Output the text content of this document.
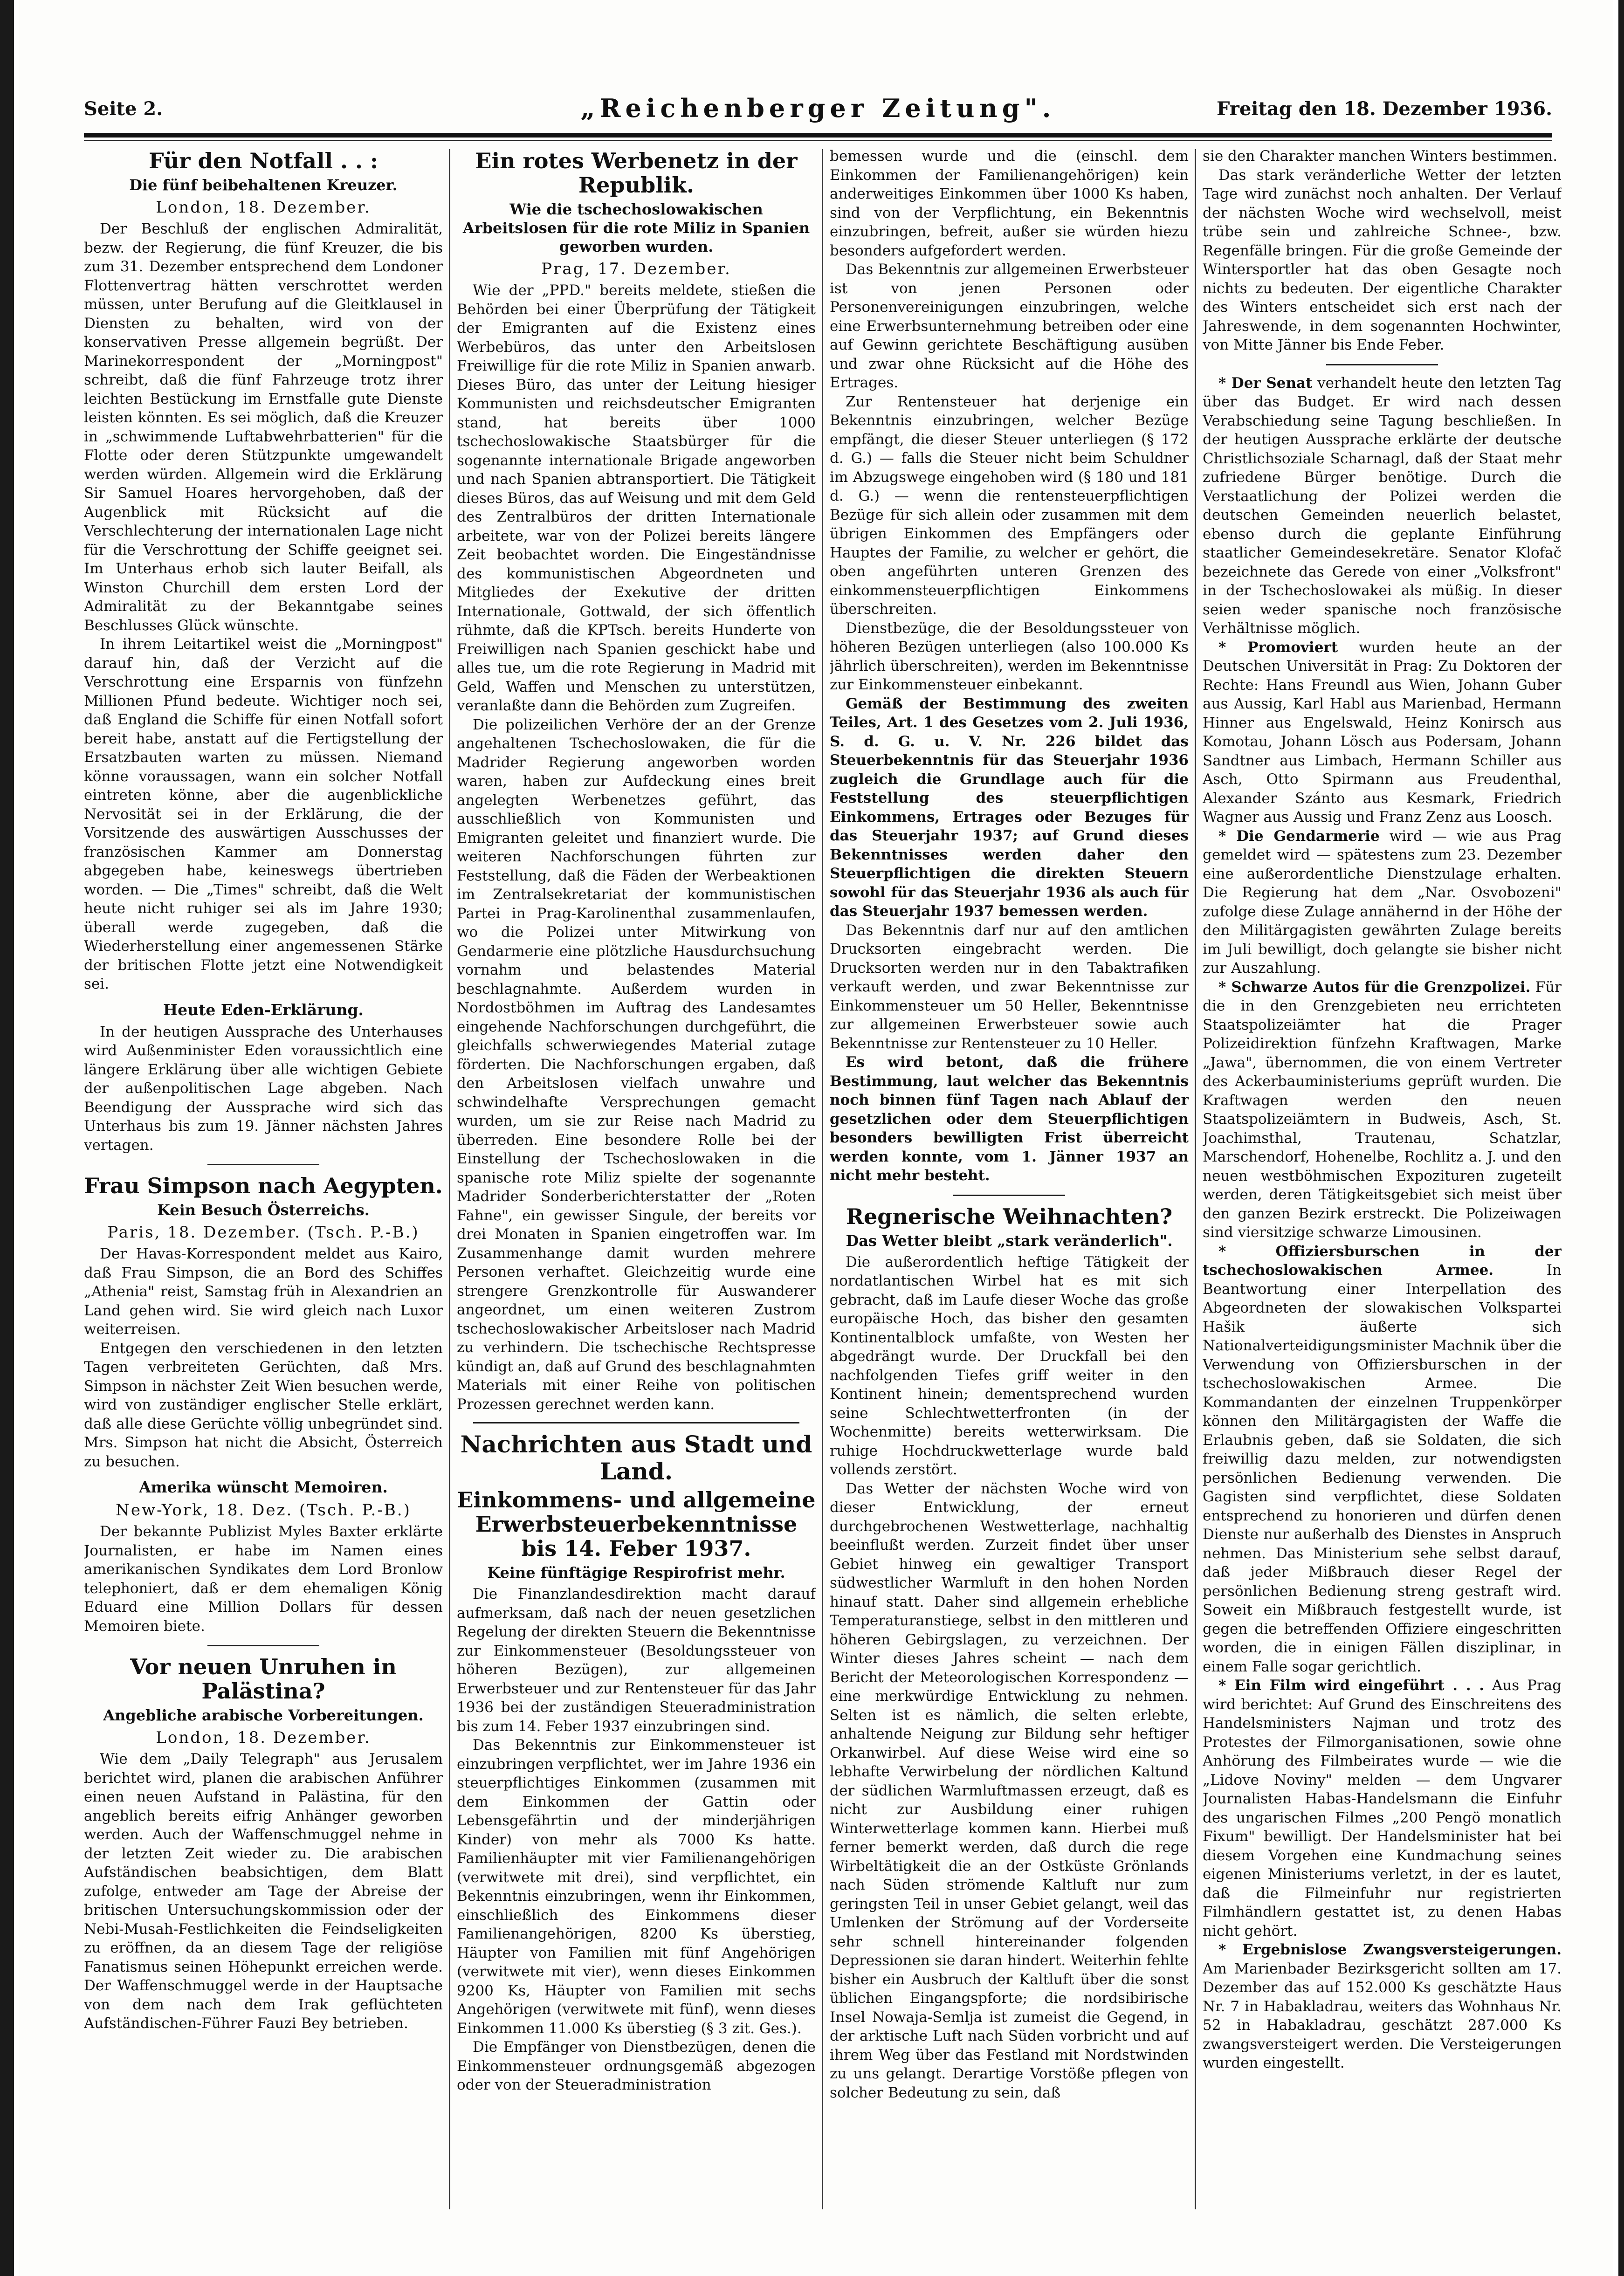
Seite 2.	„Reichenberger Zeitung".	Freitag den 18. Dezember 1936.
Für den Notfall . . :
Die fünf beibehaltenen Kreuzer.
London, 18. Dezember.

Der Beschluß der englischen Admiralität, bezw. der Regierung, die fünf Kreuzer, die bis zum 31. Dezember entsprechend dem Londoner Flottenvertrag hätten verschrottet werden müssen, unter Berufung auf die Gleitklausel in Diensten zu behalten, wird von der konservativen Presse allgemein begrüßt. Der Marinekorrespondent der „Morningpost" schreibt, daß die fünf Fahrzeuge trotz ihrer leichten Bestückung im Ernstfalle gute Dienste leisten könnten. Es sei möglich, daß die Kreuzer in „schwimmende Luftabwehrbatterien" für die Flotte oder deren Stützpunkte umgewandelt werden würden. Allgemein wird die Erklärung Sir Samuel Hoares hervorgehoben, daß der Augenblick mit Rücksicht auf die Verschlechterung der internationalen Lage nicht für die Verschrottung der Schiffe geeignet sei. Im Unterhaus erhob sich lauter Beifall, als Winston Churchill dem ersten Lord der Admiralität zu der Bekanntgabe seines Beschlusses Glück wünschte.

In ihrem Leitartikel weist die „Morningpost" darauf hin, daß der Verzicht auf die Verschrottung eine Ersparnis von fünfzehn Millionen Pfund bedeute. Wichtiger noch sei, daß England die Schiffe für einen Notfall sofort bereit habe, anstatt auf die Fertigstellung der Ersatzbauten warten zu müssen. Niemand könne voraussagen, wann ein solcher Notfall eintreten könne, aber die augenblickliche Nervosität sei in der Erklärung, die der Vorsitzende des auswärtigen Ausschusses der französischen Kammer am Donnerstag abgegeben habe, keineswegs übertrieben worden. — Die „Times" schreibt, daß die Welt heute nicht ruhiger sei als im Jahre 1930; überall werde zugegeben, daß die Wiederherstellung einer angemessenen Stärke der britischen Flotte jetzt eine Notwendigkeit sei.

Heute Eden-Erklärung.

In der heutigen Aussprache des Unterhauses wird Außenminister Eden voraussichtlich eine längere Erklärung über alle wichtigen Gebiete der außenpolitischen Lage abgeben. Nach Beendigung der Aussprache wird sich das Unterhaus bis zum 19. Jänner nächsten Jahres vertagen.

Frau Simpson nach Aegypten.
Kein Besuch Österreichs.
Paris, 18. Dezember. (Tsch. P.-B.)

Der Havas-Korrespondent meldet aus Kairo, daß Frau Simpson, die an Bord des Schiffes „Athenia" reist, Samstag früh in Alexandrien an Land gehen wird. Sie wird gleich nach Luxor weiterreisen.

Entgegen den verschiedenen in den letzten Tagen verbreiteten Gerüchten, daß Mrs. Simpson in nächster Zeit Wien besuchen werde, wird von zuständiger englischer Stelle erklärt, daß alle diese Gerüchte völlig unbegründet sind. Mrs. Simpson hat nicht die Absicht, Österreich zu besuchen.

Amerika wünscht Memoiren.
New-York, 18. Dez. (Tsch. P.-B.)

Der bekannte Publizist Myles Baxter erklärte Journalisten, er habe im Namen eines amerikanischen Syndikates dem Lord Bronlow telephoniert, daß er dem ehemaligen König Eduard eine Million Dollars für dessen Memoiren biete.

Vor neuen Unruhen in Palästina?
Angebliche arabische Vorbereitungen.
London, 18. Dezember.

Wie dem „Daily Telegraph" aus Jerusalem berichtet wird, planen die arabischen Anführer einen neuen Aufstand in Palästina, für den angeblich bereits eifrig Anhänger geworben werden. Auch der Waffenschmuggel nehme in der letzten Zeit wieder zu. Die arabischen Aufständischen beabsichtigen, dem Blatt zufolge, entweder am Tage der Abreise der britischen Untersuchungskommission oder der Nebi-Musah-Festlichkeiten die Feindseligkeiten zu eröffnen, da an diesem Tage der religiöse Fanatismus seinen Höhepunkt erreichen werde. Der Waffenschmuggel werde in der Hauptsache von dem nach dem Irak geflüchteten Aufständischen-Führer Fauzi Bey betrieben.

Ein rotes Werbenetz in der Republik.
Wie die tschechoslowakischen Arbeitslosen für die rote Miliz in Spanien geworben wurden.
Prag, 17. Dezember.

Wie der „PPD." bereits meldete, stießen die Behörden bei einer Überprüfung der Tätigkeit der Emigranten auf die Existenz eines Werbebüros, das unter den Arbeitslosen Freiwillige für die rote Miliz in Spanien anwarb. Dieses Büro, das unter der Leitung hiesiger Kommunisten und reichsdeutscher Emigranten stand, hat bereits über 1000 tschechoslowakische Staatsbürger für die sogenannte internationale Brigade angeworben und nach Spanien abtransportiert. Die Tätigkeit dieses Büros, das auf Weisung und mit dem Geld des Zentralbüros der dritten Internationale arbeitete, war von der Polizei bereits längere Zeit beobachtet worden. Die Eingeständnisse des kommunistischen Abgeordneten und Mitgliedes der Exekutive der dritten Internationale, Gottwald, der sich öffentlich rühmte, daß die KPTsch. bereits Hunderte von Freiwilligen nach Spanien geschickt habe und alles tue, um die rote Regierung in Madrid mit Geld, Waffen und Menschen zu unterstützen, veranlaßte dann die Behörden zum Zugreifen.

Die polizeilichen Verhöre der an der Grenze angehaltenen Tschechoslowaken, die für die Madrider Regierung angeworben worden waren, haben zur Aufdeckung eines breit angelegten Werbenetzes geführt, das ausschließlich von Kommunisten und Emigranten geleitet und finanziert wurde. Die weiteren Nachforschungen führten zur Feststellung, daß die Fäden der Werbeaktionen im Zentralsekretariat der kommunistischen Partei in Prag-Karolinenthal zusammenlaufen, wo die Polizei unter Mitwirkung von Gendarmerie eine plötzliche Hausdurchsuchung vornahm und belastendes Material beschlagnahmte. Außerdem wurden in Nordostböhmen im Auftrag des Landesamtes eingehende Nachforschungen durchgeführt, die gleichfalls schwerwiegendes Material zutage förderten. Die Nachforschungen ergaben, daß den Arbeitslosen vielfach unwahre und schwindelhafte Versprechungen gemacht wurden, um sie zur Reise nach Madrid zu überreden. Eine besondere Rolle bei der Einstellung der Tschechoslowaken in die spanische rote Miliz spielte der sogenannte Madrider Sonderberichterstatter der „Roten Fahne", ein gewisser Singule, der bereits vor drei Monaten in Spanien eingetroffen war. Im Zusammenhange damit wurden mehrere Personen verhaftet. Gleichzeitig wurde eine strengere Grenzkontrolle für Auswanderer angeordnet, um einen weiteren Zustrom tschechoslowakischer Arbeitsloser nach Madrid zu verhindern. Die tschechische Rechtspresse kündigt an, daß auf Grund des beschlagnahmten Materials mit einer Reihe von politischen Prozessen gerechnet werden kann.

Nachrichten aus Stadt und Land.
Einkommens- und allgemeine Erwerbsteuerbekenntnisse bis 14. Feber 1937.
Keine fünftägige Respirofrist mehr.

Die Finanzlandesdirektion macht darauf aufmerksam, daß nach der neuen gesetzlichen Regelung der direkten Steuern die Bekenntnisse zur Einkommensteuer (Besoldungssteuer von höheren Bezügen), zur allgemeinen Erwerbsteuer und zur Rentensteuer für das Jahr 1936 bei der zuständigen Steueradministration bis zum 14. Feber 1937 einzubringen sind.

Das Bekenntnis zur Einkommensteuer ist einzubringen verpflichtet, wer im Jahre 1936 ein steuerpflichtiges Einkommen (zusammen mit dem Einkommen der Gattin oder Lebensgefährtin und der minderjährigen Kinder) von mehr als 7000 Ks hatte. Familienhäupter mit vier Familienangehörigen (verwitwete mit drei), sind verpflichtet, ein Bekenntnis einzubringen, wenn ihr Einkommen, einschließlich des Einkommens dieser Familienangehörigen, 8200 Ks überstieg, Häupter von Familien mit fünf Angehörigen (verwitwete mit vier), wenn dieses Einkommen 9200 Ks, Häupter von Familien mit sechs Angehörigen (verwitwete mit fünf), wenn dieses Einkommen 11.000 Ks überstieg (§ 3 zit. Ges.).

Die Empfänger von Dienstbezügen, denen die Einkommensteuer ordnungsgemäß abgezogen oder von der Steueradministration

bemessen wurde und die (einschl. dem Einkommen der Familienangehörigen) kein anderweitiges Einkommen über 1000 Ks haben, sind von der Verpflichtung, ein Bekenntnis einzubringen, befreit, außer sie würden hiezu besonders aufgefordert werden.

Das Bekenntnis zur allgemeinen Erwerbsteuer ist von jenen Personen oder Personenvereinigungen einzubringen, welche eine Erwerbsunternehmung betreiben oder eine auf Gewinn gerichtete Beschäftigung ausüben und zwar ohne Rücksicht auf die Höhe des Ertrages.

Zur Rentensteuer hat derjenige ein Bekenntnis einzubringen, welcher Bezüge empfängt, die dieser Steuer unterliegen (§ 172 d. G.) — falls die Steuer nicht beim Schuldner im Abzugswege eingehoben wird (§ 180 und 181 d. G.) — wenn die rentensteuerpflichtigen Bezüge für sich allein oder zusammen mit dem übrigen Einkommen des Empfängers oder Hauptes der Familie, zu welcher er gehört, die oben angeführten unteren Grenzen des einkommensteuerpflichtigen Einkommens überschreiten.

Dienstbezüge, die der Besoldungssteuer von höheren Bezügen unterliegen (also 100.000 Ks jährlich überschreiten), werden im Bekenntnisse zur Einkommensteuer einbekannt.

Gemäß der Bestimmung des zweiten Teiles, Art. 1 des Gesetzes vom 2. Juli 1936, S. d. G. u. V. Nr. 226 bildet das Steuerbekenntnis für das Steuerjahr 1936 zugleich die Grundlage auch für die Feststellung des steuerpflichtigen Einkommens, Ertrages oder Bezuges für das Steuerjahr 1937; auf Grund dieses Bekenntnisses werden daher den Steuerpflichtigen die direkten Steuern sowohl für das Steuerjahr 1936 als auch für das Steuerjahr 1937 bemessen werden.

Das Bekenntnis darf nur auf den amtlichen Drucksorten eingebracht werden. Die Drucksorten werden nur in den Tabaktrafiken verkauft werden, und zwar Bekenntnisse zur Einkommensteuer um 50 Heller, Bekenntnisse zur allgemeinen Erwerbsteuer sowie auch Bekenntnisse zur Rentensteuer zu 10 Heller.

Es wird betont, daß die frühere Bestimmung, laut welcher das Bekenntnis noch binnen fünf Tagen nach Ablauf der gesetzlichen oder dem Steuerpflichtigen besonders bewilligten Frist überreicht werden konnte, vom 1. Jänner 1937 an nicht mehr besteht.

Regnerische Weihnachten?
Das Wetter bleibt „stark veränderlich".

Die außerordentlich heftige Tätigkeit der nordatlantischen Wirbel hat es mit sich gebracht, daß im Laufe dieser Woche das große europäische Hoch, das bisher den gesamten Kontinentalblock umfaßte, von Westen her abgedrängt wurde. Der Druckfall bei den nachfolgenden Tiefes griff weiter in den Kontinent hinein; dementsprechend wurden seine Schlechtwetterfronten (in der Wochenmitte) bereits wetterwirksam. Die ruhige Hochdruckwetterlage wurde bald vollends zerstört.

Das Wetter der nächsten Woche wird von dieser Entwicklung, der erneut durchgebrochenen Westwetterlage, nachhaltig beeinflußt werden. Zurzeit findet über unser Gebiet hinweg ein gewaltiger Transport südwestlicher Warmluft in den hohen Norden hinauf statt. Daher sind allgemein erhebliche Temperaturanstiege, selbst in den mittleren und höheren Gebirgslagen, zu verzeichnen. Der Winter dieses Jahres scheint — nach dem Bericht der Meteorologischen Korrespondenz — eine merkwürdige Entwicklung zu nehmen. Selten ist es nämlich, die selten erlebte, anhaltende Neigung zur Bildung sehr heftiger Orkanwirbel. Auf diese Weise wird eine so lebhafte Verwirbelung der nördlichen Kaltund der südlichen Warmluftmassen erzeugt, daß es nicht zur Ausbildung einer ruhigen Winterwetterlage kommen kann. Hierbei muß ferner bemerkt werden, daß durch die rege Wirbeltätigkeit die an der Ostküste Grönlands nach Süden strömende Kaltluft nur zum geringsten Teil in unser Gebiet gelangt, weil das Umlenken der Strömung auf der Vorderseite sehr schnell hintereinander folgenden Depressionen sie daran hindert. Weiterhin fehlte bisher ein Ausbruch der Kaltluft über die sonst üblichen Eingangspforte; die nordsibirische Insel Nowaja-Semlja ist zumeist die Gegend, in der arktische Luft nach Süden vorbricht und auf ihrem Weg über das Festland mit Nordstwinden zu uns gelangt. Derartige Vorstöße pflegen von solcher Bedeutung zu sein, daß

sie den Charakter manchen Winters bestimmen.

Das stark veränderliche Wetter der letzten Tage wird zunächst noch anhalten. Der Verlauf der nächsten Woche wird wechselvoll, meist trübe sein und zahlreiche Schnee-, bzw. Regenfälle bringen. Für die große Gemeinde der Wintersportler hat das oben Gesagte noch nichts zu bedeuten. Der eigentliche Charakter des Winters entscheidet sich erst nach der Jahreswende, in dem sogenannten Hochwinter, von Mitte Jänner bis Ende Feber.

* Der Senat verhandelt heute den letzten Tag über das Budget. Er wird nach dessen Verabschiedung seine Tagung beschließen. In der heutigen Aussprache erklärte der deutsche Christlichsoziale Scharnagl, daß der Staat mehr zufriedene Bürger benötige. Durch die Verstaatlichung der Polizei werden die deutschen Gemeinden neuerlich belastet, ebenso durch die geplante Einführung staatlicher Gemeindesekretäre. Senator Klofač bezeichnete das Gerede von einer „Volksfront" in der Tschechoslowakei als müßig. In dieser seien weder spanische noch französische Verhältnisse möglich.

* Promoviert wurden heute an der Deutschen Universität in Prag: Zu Doktoren der Rechte: Hans Freundl aus Wien, Johann Guber aus Aussig, Karl Habl aus Marienbad, Hermann Hinner aus Engelswald, Heinz Konirsch aus Komotau, Johann Lösch aus Podersam, Johann Sandtner aus Limbach, Hermann Schiller aus Asch, Otto Spirmann aus Freudenthal, Alexander Szánto aus Kesmark, Friedrich Wagner aus Aussig und Franz Zenz aus Loosch.

* Die Gendarmerie wird — wie aus Prag gemeldet wird — spätestens zum 23. Dezember eine außerordentliche Dienstzulage erhalten. Die Regierung hat dem „Nar. Osvobozeni" zufolge diese Zulage annähernd in der Höhe der den Militärgagisten gewährten Zulage bereits im Juli bewilligt, doch gelangte sie bisher nicht zur Auszahlung.

* Schwarze Autos für die Grenzpolizei. Für die in den Grenzgebieten neu errichteten Staatspolizeiämter hat die Prager Polizeidirektion fünfzehn Kraftwagen, Marke „Jawa", übernommen, die von einem Vertreter des Ackerbauministeriums geprüft wurden. Die Kraftwagen werden den neuen Staatspolizeiämtern in Budweis, Asch, St. Joachimsthal, Trautenau, Schatzlar, Marschendorf, Hohenelbe, Rochlitz a. J. und den neuen westböhmischen Expozituren zugeteilt werden, deren Tätigkeitsgebiet sich meist über den ganzen Bezirk erstreckt. Die Polizeiwagen sind viersitzige schwarze Limousinen.

* Offiziersburschen in der tschechoslowakischen Armee. In Beantwortung einer Interpellation des Abgeordneten der slowakischen Volkspartei Hašik äußerte sich Nationalverteidigungsminister Machnik über die Verwendung von Offiziersburschen in der tschechoslowakischen Armee. Die Kommandanten der einzelnen Truppenkörper können den Militärgagisten der Waffe die Erlaubnis geben, daß sie Soldaten, die sich freiwillig dazu melden, zur notwendigsten persönlichen Bedienung verwenden. Die Gagisten sind verpflichtet, diese Soldaten entsprechend zu honorieren und dürfen denen Dienste nur außerhalb des Dienstes in Anspruch nehmen. Das Ministerium sehe selbst darauf, daß jeder Mißbrauch dieser Regel der persönlichen Bedienung streng gestraft wird. Soweit ein Mißbrauch festgestellt wurde, ist gegen die betreffenden Offiziere eingeschritten worden, die in einigen Fällen disziplinar, in einem Falle sogar gerichtlich.

* Ein Film wird eingeführt . . . Aus Prag wird berichtet: Auf Grund des Einschreitens des Handelsministers Najman und trotz des Protestes der Filmorganisationen, sowie ohne Anhörung des Filmbeirates wurde — wie die „Lidove Noviny" melden — dem Ungvarer Journalisten Habas-Handelsmann die Einfuhr des ungarischen Filmes „200 Pengö monatlich Fixum" bewilligt. Der Handelsminister hat bei diesem Vorgehen eine Kundmachung seines eigenen Ministeriums verletzt, in der es lautet, daß die Filmeinfuhr nur registrierten Filmhändlern gestattet ist, zu denen Habas nicht gehört.

* Ergebnislose Zwangsversteigerungen. Am Marienbader Bezirksgericht sollten am 17. Dezember das auf 152.000 Ks geschätzte Haus Nr. 7 in Habakladrau, weiters das Wohnhaus Nr. 52 in Habakladrau, geschätzt 287.000 Ks zwangsversteigert werden. Die Versteigerungen wurden eingestellt.
